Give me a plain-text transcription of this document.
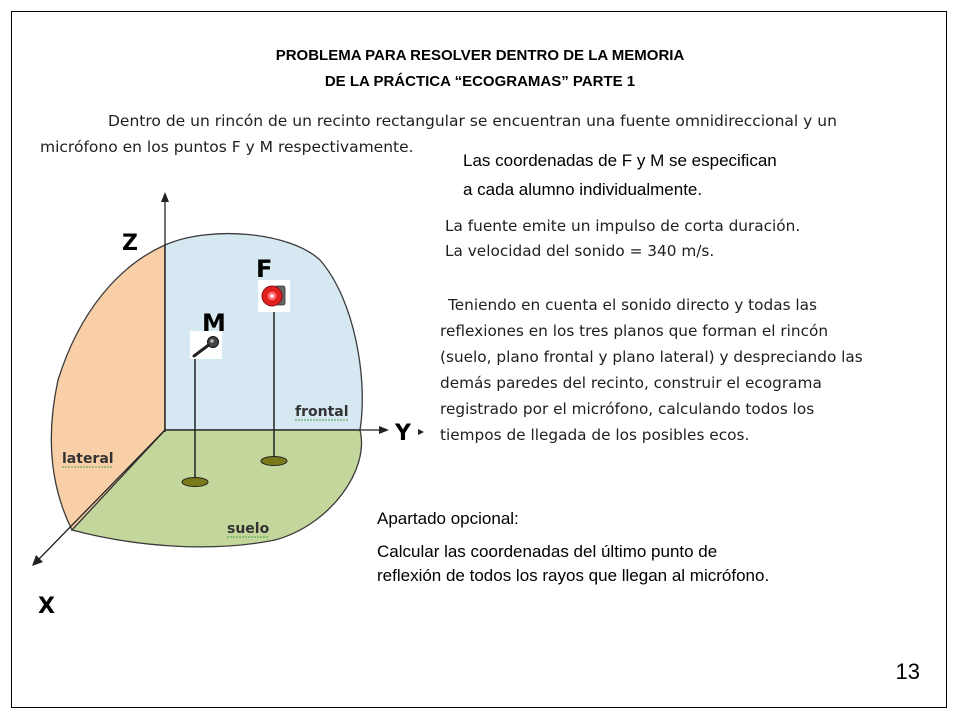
PROBLEMA PARA RESOLVER DENTRO DE LA MEMORIA
DE LA PRÁCTICA “ECOGRAMAS” PARTE 1
Dentro de un rincón de un recinto rectangular se encuentran una fuente omnidireccional y un
micrófono en los puntos F y M respectivamente.
Las coordenadas de F y M se especifican
a cada alumno individualmente.
La fuente emite un impulso de corta duración.
La velocidad del sonido = 340 m/s.
Teniendo en cuenta el sonido directo y todas las
reflexiones en los tres planos que forman el rincón
(suelo, plano frontal y plano lateral) y despreciando las
demás paredes del recinto, construir el ecograma
registrado por el micrófono, calculando todos los
tiempos de llegada de los posibles ecos.
Apartado opcional:
Calcular las coordenadas del último punto de
reflexión de todos los rayos que llegan al micrófono.
13
Z
Y
X
lateral
frontal
suelo
F
M
